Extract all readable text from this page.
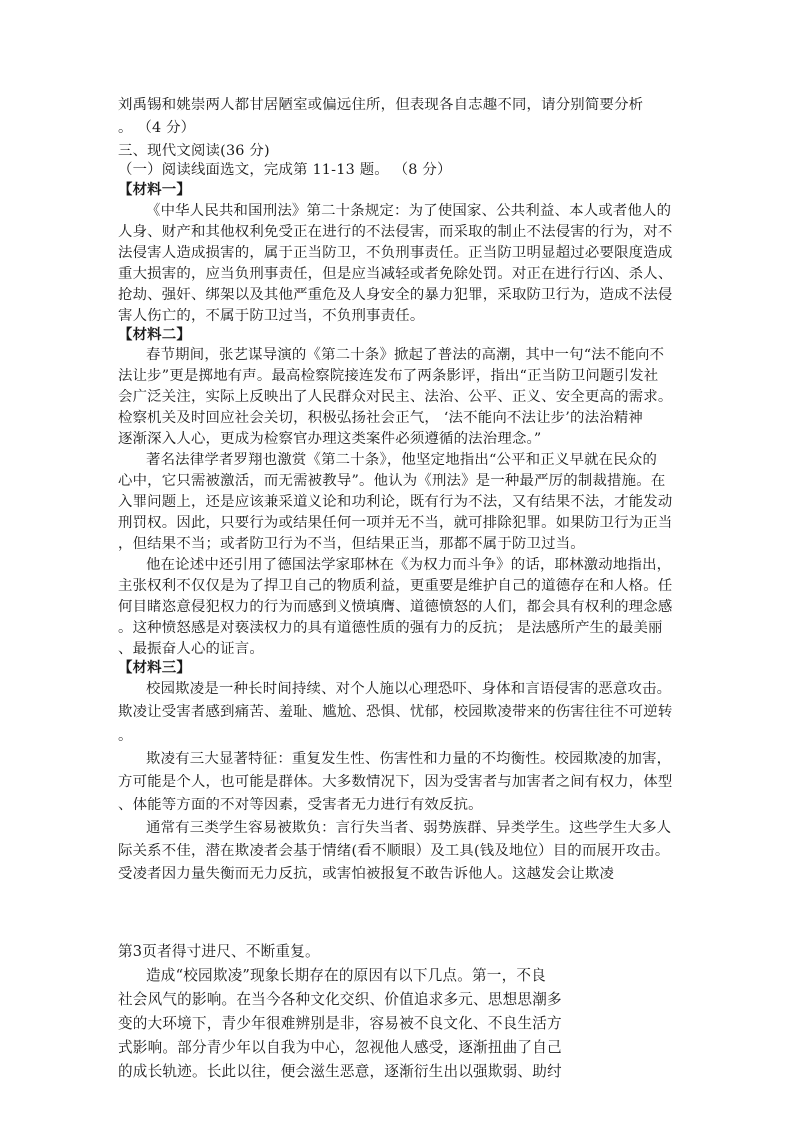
刘禹锡和姚崇两人都甘居陋室或偏远住所，但表现各自志趣不同，请分别简要分析
。 （4 分）
三、现代文阅读(36 分)
（一）阅读线面选文，完成第 11-13 题。 （8 分）
【材料一】
《中华人民共和国刑法》第二十条规定：为了使国家、公共利益、本人或者他人的
人身、财产和其他权利免受正在进行的不法侵害，而采取的制止不法侵害的行为，对不
法侵害人造成损害的，属于正当防卫，不负刑事责任。正当防卫明显超过必要限度造成
重大损害的，应当负刑事责任，但是应当减轻或者免除处罚。对正在进行行凶、杀人、
抢劫、强奸、绑架以及其他严重危及人身安全的暴力犯罪，采取防卫行为，造成不法侵
害人伤亡的，不属于防卫过当，不负刑事责任。
【材料二】
春节期间，张艺谋导演的《第二十条》掀起了普法的高潮，其中一句“法不能向不
法让步”更是掷地有声。最高检察院接连发布了两条影评，指出“正当防卫问题引发社
会广泛关注，实际上反映出了人民群众对民主、法治、公平、正义、安全更高的需求。
检察机关及时回应社会关切，积极弘扬社会正气， ‘法不能向不法让步’的法治精神
逐渐深入人心，更成为检察官办理这类案件必须遵循的法治理念。”
著名法律学者罗翔也激赏《第二十条》，他坚定地指出“公平和正义早就在民众的
心中，它只需被激活，而无需被教导”。他认为《刑法》是一种最严厉的制裁措施。在
入罪问题上，还是应该兼采道义论和功利论，既有行为不法，又有结果不法，才能发动
刑罚权。因此，只要行为或结果任何一项并无不当，就可排除犯罪。如果防卫行为正当
，但结果不当；或者防卫行为不当，但结果正当，那都不属于防卫过当。
他在论述中还引用了德国法学家耶林在《为权力而斗争》的话，耶林激动地指出，
主张权利不仅仅是为了捍卫自己的物质利益，更重要是维护自己的道德存在和人格。任
何目睹恣意侵犯权力的行为而感到义愤填膺、道德愤怒的人们，都会具有权利的理念感
。这种愤怒感是对亵渎权力的具有道德性质的强有力的反抗； 是法感所产生的最美丽
、最振奋人心的证言。
【材料三】
校园欺凌是一种长时间持续、对个人施以心理恐吓、身体和言语侵害的恶意攻击。
欺凌让受害者感到痛苦、羞耻、尴尬、恐惧、忧郁，校园欺凌带来的伤害往往不可逆转
。
欺凌有三大显著特征：重复发生性、伤害性和力量的不均衡性。校园欺凌的加害，
方可能是个人，也可能是群体。大多数情况下，因为受害者与加害者之间有权力，体型
、体能等方面的不对等因素，受害者无力进行有效反抗。
通常有三类学生容易被欺负：言行失当者、弱势族群、异类学生。这些学生大多人
际关系不佳，潜在欺凌者会基于情绪(看不顺眼）及工具(钱及地位）目的而展开攻击。
受凌者因力量失衡而无力反抗，或害怕被报复不敢告诉他人。这越发会让欺凌
第3页者得寸进尺、不断重复。
造成“校园欺凌”现象长期存在的原因有以下几点。第一，不良
社会风气的影响。在当今各种文化交织、价值追求多元、思想思潮多
变的大环境下，青少年很难辨别是非，容易被不良文化、不良生活方
式影响。部分青少年以自我为中心，忽视他人感受，逐渐扭曲了自己
的成长轨迹。长此以往，便会滋生恶意，逐渐衍生出以强欺弱、助纣
